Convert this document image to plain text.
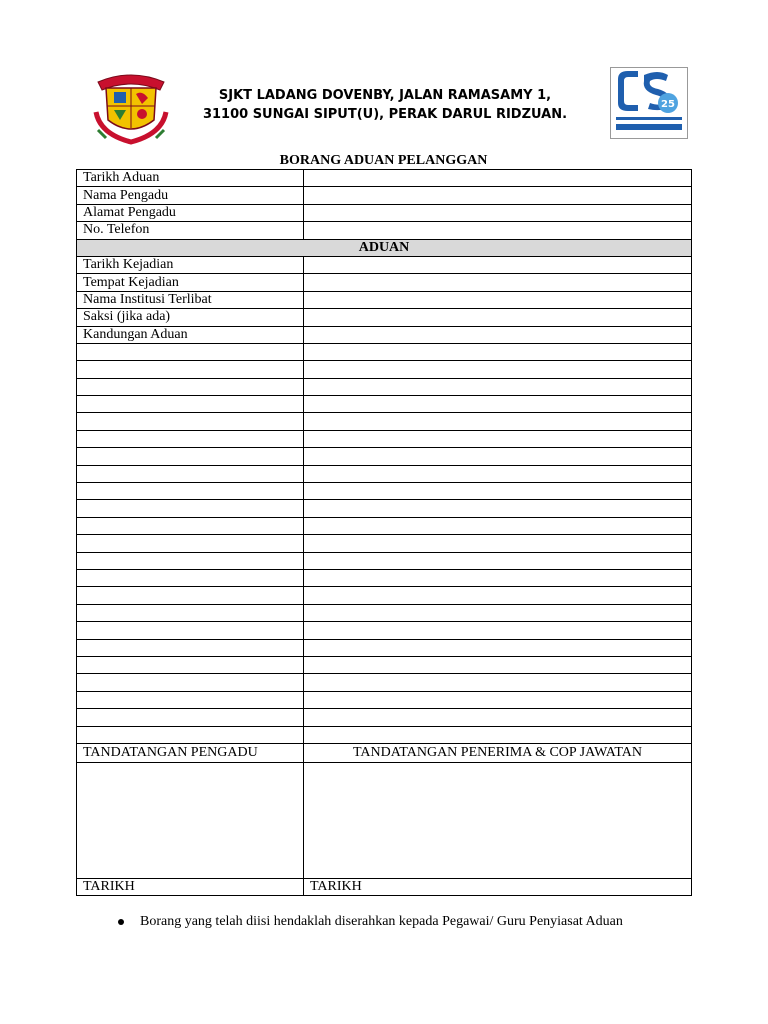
25
SJKT LADANG DOVENBY, JALAN RAMASAMY 1,
31100 SUNGAI SIPUT(U), PERAK DARUL RIDZUAN.
BORANG ADUAN PELANGGAN
Tarikh Aduan	
Nama Pengadu	
Alamat Pengadu	
No. Telefon	
ADUAN	
Tarikh Kejadian	
Tempat Kejadian	
Nama Institusi Terlibat	
Saksi (jika ada)	
Kandungan Aduan	

TANDATANGAN PENGADU	TANDATANGAN PENERIMA & COP JAWATAN

TARIKH	TARIKH
Borang yang telah diisi hendaklah diserahkan kepada Pegawai/ Guru Penyiasat Aduan
